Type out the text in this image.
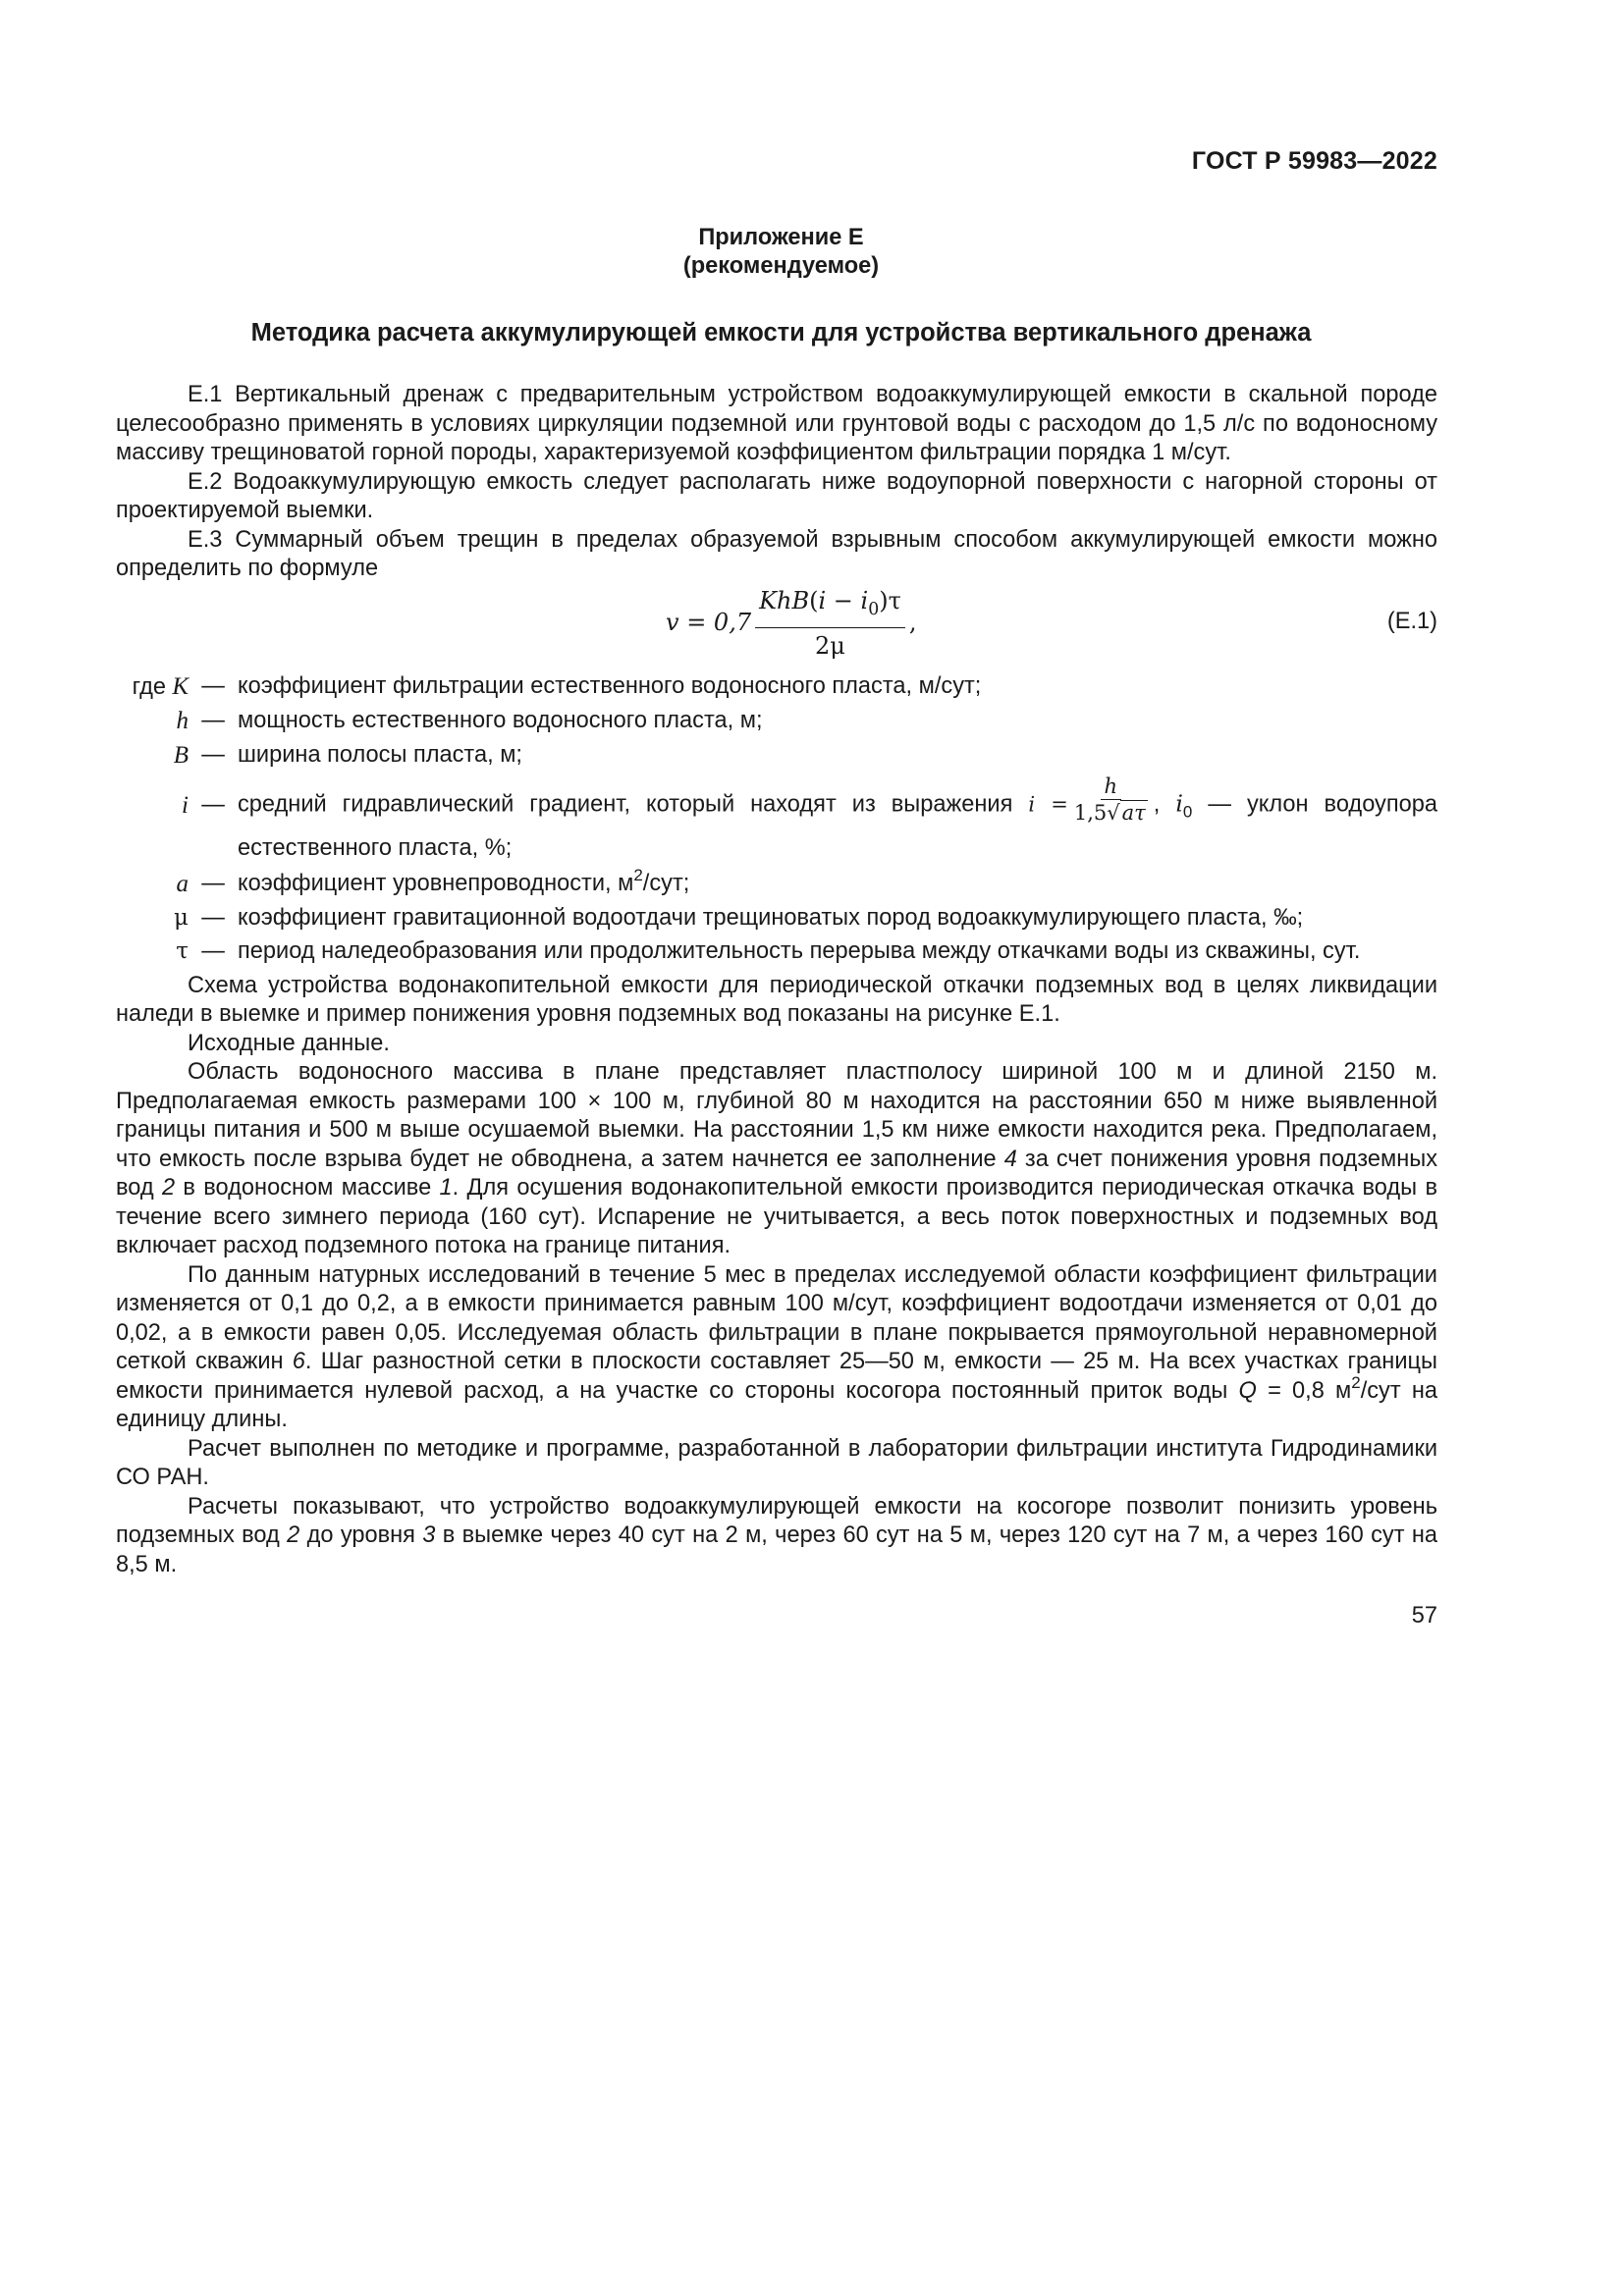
ГОСТ Р 59983—2022
Приложение Е
(рекомендуемое)
Методика расчета аккумулирующей емкости для устройства вертикального дренажа

Е.1 Вертикальный дренаж с предварительным устройством водоаккумулирующей емкости в скальной породе целесообразно применять в условиях циркуляции подземной или грунтовой воды с расходом до 1,5 л/с по водоносному массиву трещиноватой горной породы, характеризуемой коэффициентом фильтрации порядка 1 м/сут.

Е.2 Водоаккумулирующую емкость следует располагать ниже водоупорной поверхности с нагорной стороны от проектируемой выемки.

Е.3 Суммарный объем трещин в пределах образуемой взрывным способом аккумулирующей емкости можно определить по формуле

$v = 0,7 \frac{KhB(i - i_0)\tau}{2\mu}$ ,	(Е.1)
где K — коэффициент фильтрации естественного водоносного пласта, м/сут;
h — мощность естественного водоносного пласта, м;
B — ширина полосы пласта, м;
i — средний гидравлический градиент, который находят из выражения $i = \frac{h}{1,5√a\tau}$ , $i_0$ — уклон водоупора естественного пласта, %;
a — коэффициент уровнепроводности, $м^2$/сут;
μ — коэффициент гравитационной водоотдачи трещиноватых пород водоаккумулирующего пласта, ‰;
τ — период наледеобразования или продолжительность перерыва между откачками воды из скважины, сут.

Схема устройства водонакопительной емкости для периодической откачки подземных вод в целях ликвидации наледи в выемке и пример понижения уровня подземных вод показаны на рисунке Е.1.

Исходные данные.

Область водоносного массива в плане представляет пластполосу шириной 100 м и длиной 2150 м. Предполагаемая емкость размерами 100 × 100 м, глубиной 80 м находится на расстоянии 650 м ниже выявленной границы питания и 500 м выше осушаемой выемки. На расстоянии 1,5 км ниже емкости находится река. Предполагаем, что емкость после взрыва будет не обводнена, а затем начнется ее заполнение 4 за счет понижения уровня подземных вод 2 в водоносном массиве 1. Для осушения водонакопительной емкости производится периодическая откачка воды в течение всего зимнего периода (160 сут). Испарение не учитывается, а весь поток поверхностных и подземных вод включает расход подземного потока на границе питания.

По данным натурных исследований в течение 5 мес в пределах исследуемой области коэффициент фильтрации изменяется от 0,1 до 0,2, а в емкости принимается равным 100 м/сут, коэффициент водоотдачи изменяется от 0,01 до 0,02, а в емкости равен 0,05. Исследуемая область фильтрации в плане покрывается прямоугольной неравномерной сеткой скважин 6. Шаг разностной сетки в плоскости составляет 25—50 м, емкости — 25 м. На всех участках границы емкости принимается нулевой расход, а на участке со стороны косогора постоянный приток воды Q = 0,8 $м^2$/сут на единицу длины.

Расчет выполнен по методике и программе, разработанной в лаборатории фильтрации института Гидродинамики СО РАН.

Расчеты показывают, что устройство водоаккумулирующей емкости на косогоре позволит понизить уровень подземных вод 2 до уровня 3 в выемке через 40 сут на 2 м, через 60 сут на 5 м, через 120 сут на 7 м, а через 160 сут на 8,5 м.

57
